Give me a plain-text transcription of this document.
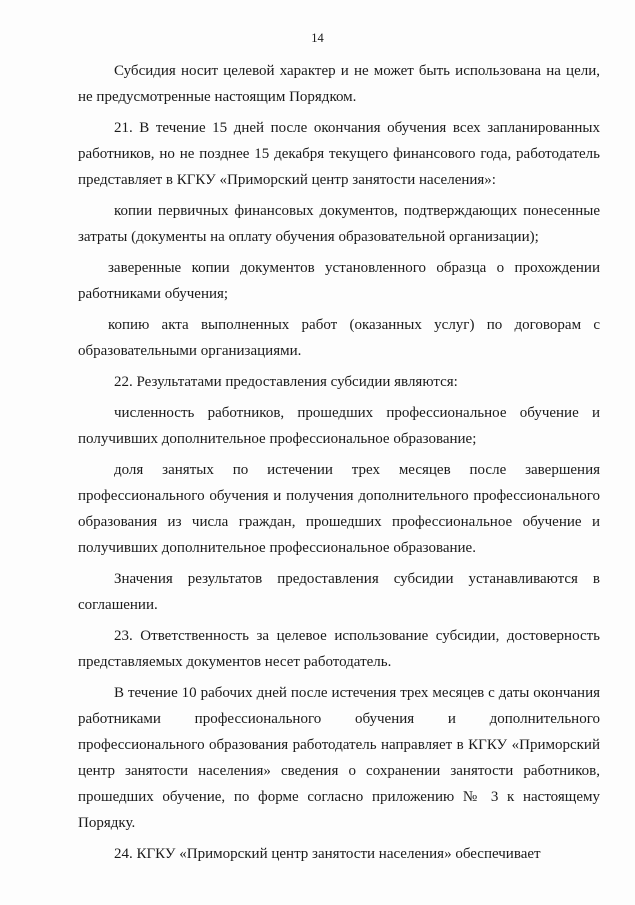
14

Субсидия носит целевой характер и не может быть использована на цели, не предусмотренные настоящим Порядком.

21. В течение 15 дней после окончания обучения всех запланированных работников, но не позднее 15 декабря текущего финансового года, работодатель представляет в КГКУ «Приморский центр занятости населения»:

копии первичных финансовых документов, подтверждающих понесенные затраты (документы на оплату обучения образовательной организации);

заверенные копии документов установленного образца о прохождении работниками обучения;

копию акта выполненных работ (оказанных услуг) по договорам с образовательными организациями.

22. Результатами предоставления субсидии являются:

численность работников, прошедших профессиональное обучение и получивших дополнительное профессиональное образование;

доля занятых по истечении трех месяцев после завершения профессионального обучения и получения дополнительного профессионального образования из числа граждан, прошедших профессиональное обучение и получивших дополнительное профессиональное образование.

Значения результатов предоставления субсидии устанавливаются в соглашении.

23. Ответственность за целевое использование субсидии, достоверность представляемых документов несет работодатель.

В течение 10 рабочих дней после истечения трех месяцев с даты окончания работниками профессионального обучения и дополнительного профессионального образования работодатель направляет в КГКУ «Приморский центр занятости населения» сведения о сохранении занятости работников, прошедших обучение, по форме согласно приложению № 3 к настоящему Порядку.

24. КГКУ «Приморский центр занятости населения» обеспечивает
